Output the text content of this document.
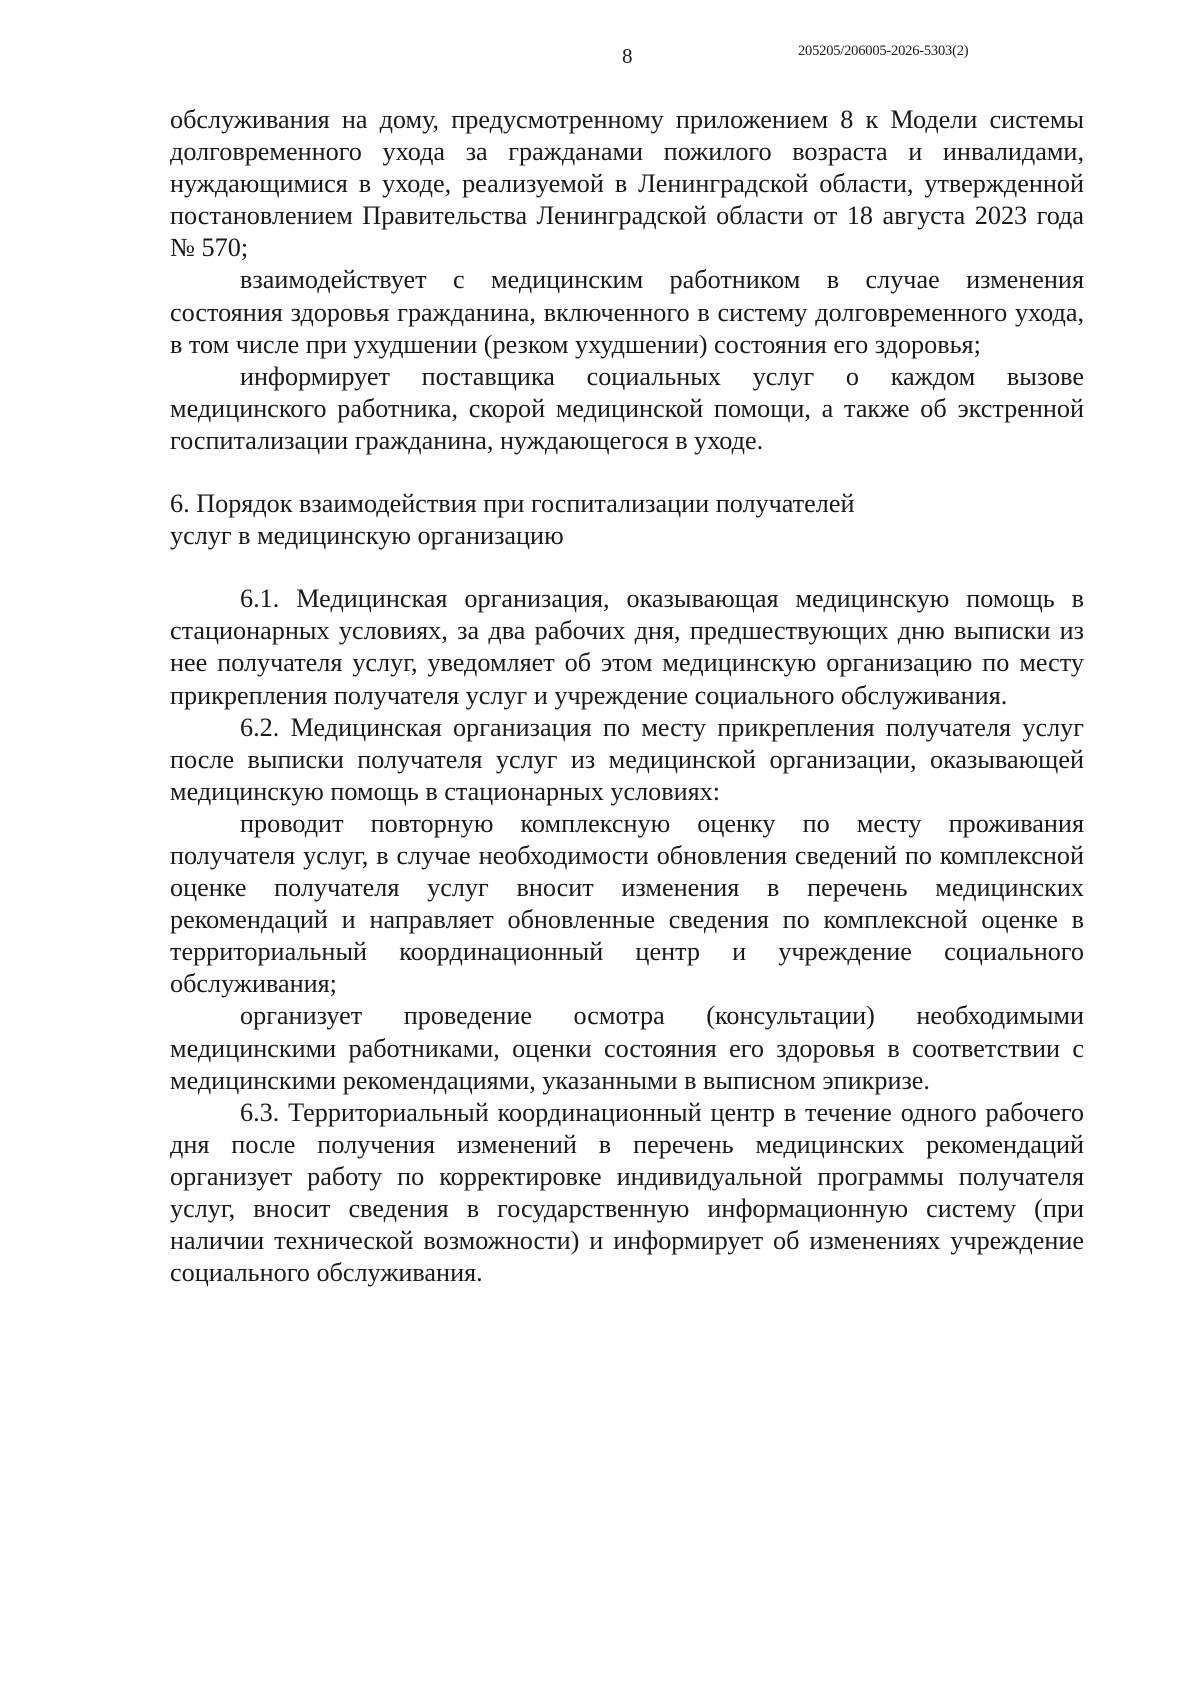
8	205205/206005-2026-5303(2)

обслуживания на дому, предусмотренному приложением 8 к Модели системы долговременного ухода за гражданами пожилого возраста и инвалидами, нуждающимися в уходе, реализуемой в Ленинградской области, утвержденной постановлением Правительства Ленинградской области от 18 августа 2023 года № 570;

взаимодействует с медицинским работником в случае изменения состояния здоровья гражданина, включенного в систему долговременного ухода, в том числе при ухудшении (резком ухудшении) состояния его здоровья;

информирует поставщика социальных услуг о каждом вызове медицинского работника, скорой медицинской помощи, а также об экстренной госпитализации гражданина, нуждающегося в уходе.

6. Порядок взаимодействия при госпитализации получателей
услуг в медицинскую организацию

6.1. Медицинская организация, оказывающая медицинскую помощь в стационарных условиях, за два рабочих дня, предшествующих дню выписки из нее получателя услуг, уведомляет об этом медицинскую организацию по месту прикрепления получателя услуг и учреждение социального обслуживания.

6.2. Медицинская организация по месту прикрепления получателя услуг после выписки получателя услуг из медицинской организации, оказывающей медицинскую помощь в стационарных условиях:

проводит повторную комплексную оценку по месту проживания получателя услуг, в случае необходимости обновления сведений по комплексной оценке получателя услуг вносит изменения в перечень медицинских рекомендаций и направляет обновленные сведения по комплексной оценке в территориальный координационный центр и учреждение социального обслуживания;

организует проведение осмотра (консультации) необходимыми медицинскими работниками, оценки состояния его здоровья в соответствии с медицинскими рекомендациями, указанными в выписном эпикризе.

6.3. Территориальный координационный центр в течение одного рабочего дня после получения изменений в перечень медицинских рекомендаций организует работу по корректировке индивидуальной программы получателя услуг, вносит сведения в государственную информационную систему (при наличии технической возможности) и информирует об изменениях учреждение социального обслуживания.
